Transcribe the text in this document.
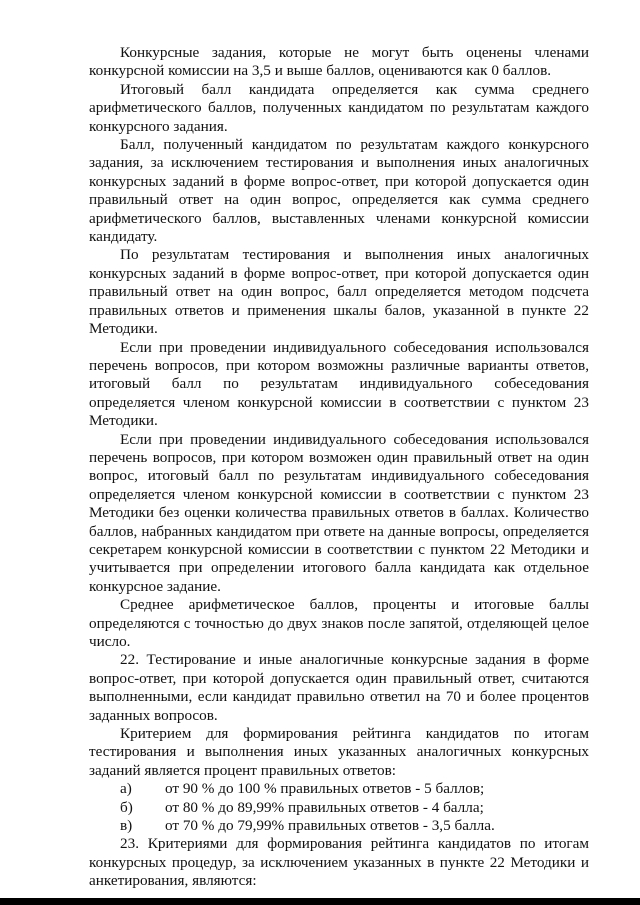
Конкурсные задания, которые не могут быть оценены членами конкурсной комиссии на 3,5 и выше баллов, оцениваются как 0 баллов.

Итоговый балл кандидата определяется как сумма среднего арифметического баллов, полученных кандидатом по результатам каждого конкурсного задания.

Балл, полученный кандидатом по результатам каждого конкурсного задания, за исключением тестирования и выполнения иных аналогичных конкурсных заданий в форме вопрос-ответ, при которой допускается один правильный ответ на один вопрос, определяется как сумма среднего арифметического баллов, выставленных членами конкурсной комиссии кандидату.

По результатам тестирования и выполнения иных аналогичных конкурсных заданий в форме вопрос-ответ, при которой допускается один правильный ответ на один вопрос, балл определяется методом подсчета правильных ответов и применения шкалы балов, указанной в пункте 22 Методики.

Если при проведении индивидуального собеседования использовался перечень вопросов, при котором возможны различные варианты ответов, итоговый балл по результатам индивидуального собеседования определяется членом конкурсной комиссии в соответствии с пунктом 23 Методики.

Если при проведении индивидуального собеседования использовался перечень вопросов, при котором возможен один правильный ответ на один вопрос, итоговый балл по результатам индивидуального собеседования определяется членом конкурсной комиссии в соответствии с пунктом 23 Методики без оценки количества правильных ответов в баллах. Количество баллов, набранных кандидатом при ответе на данные вопросы, определяется секретарем конкурсной комиссии в соответствии с пунктом 22 Методики и учитывается при определении итогового балла кандидата как отдельное конкурсное задание.

Среднее арифметическое баллов, проценты и итоговые баллы определяются с точностью до двух знаков после запятой, отделяющей целое число.

22. Тестирование и иные аналогичные конкурсные задания в форме вопрос-ответ, при которой допускается один правильный ответ, считаются выполненными, если кандидат правильно ответил на 70 и более процентов заданных вопросов.

Критерием для формирования рейтинга кандидатов по итогам тестирования и выполнения иных указанных аналогичных конкурсных заданий является процент правильных ответов:

а)	от 90 % до 100 % правильных ответов - 5 баллов;
б)	от 80 % до 89,99% правильных ответов - 4 балла;
в)	от 70 % до 79,99% правильных ответов - 3,5 балла.

23. Критериями для формирования рейтинга кандидатов по итогам конкурсных процедур, за исключением указанных в пункте 22 Методики и анкетирования, являются:
